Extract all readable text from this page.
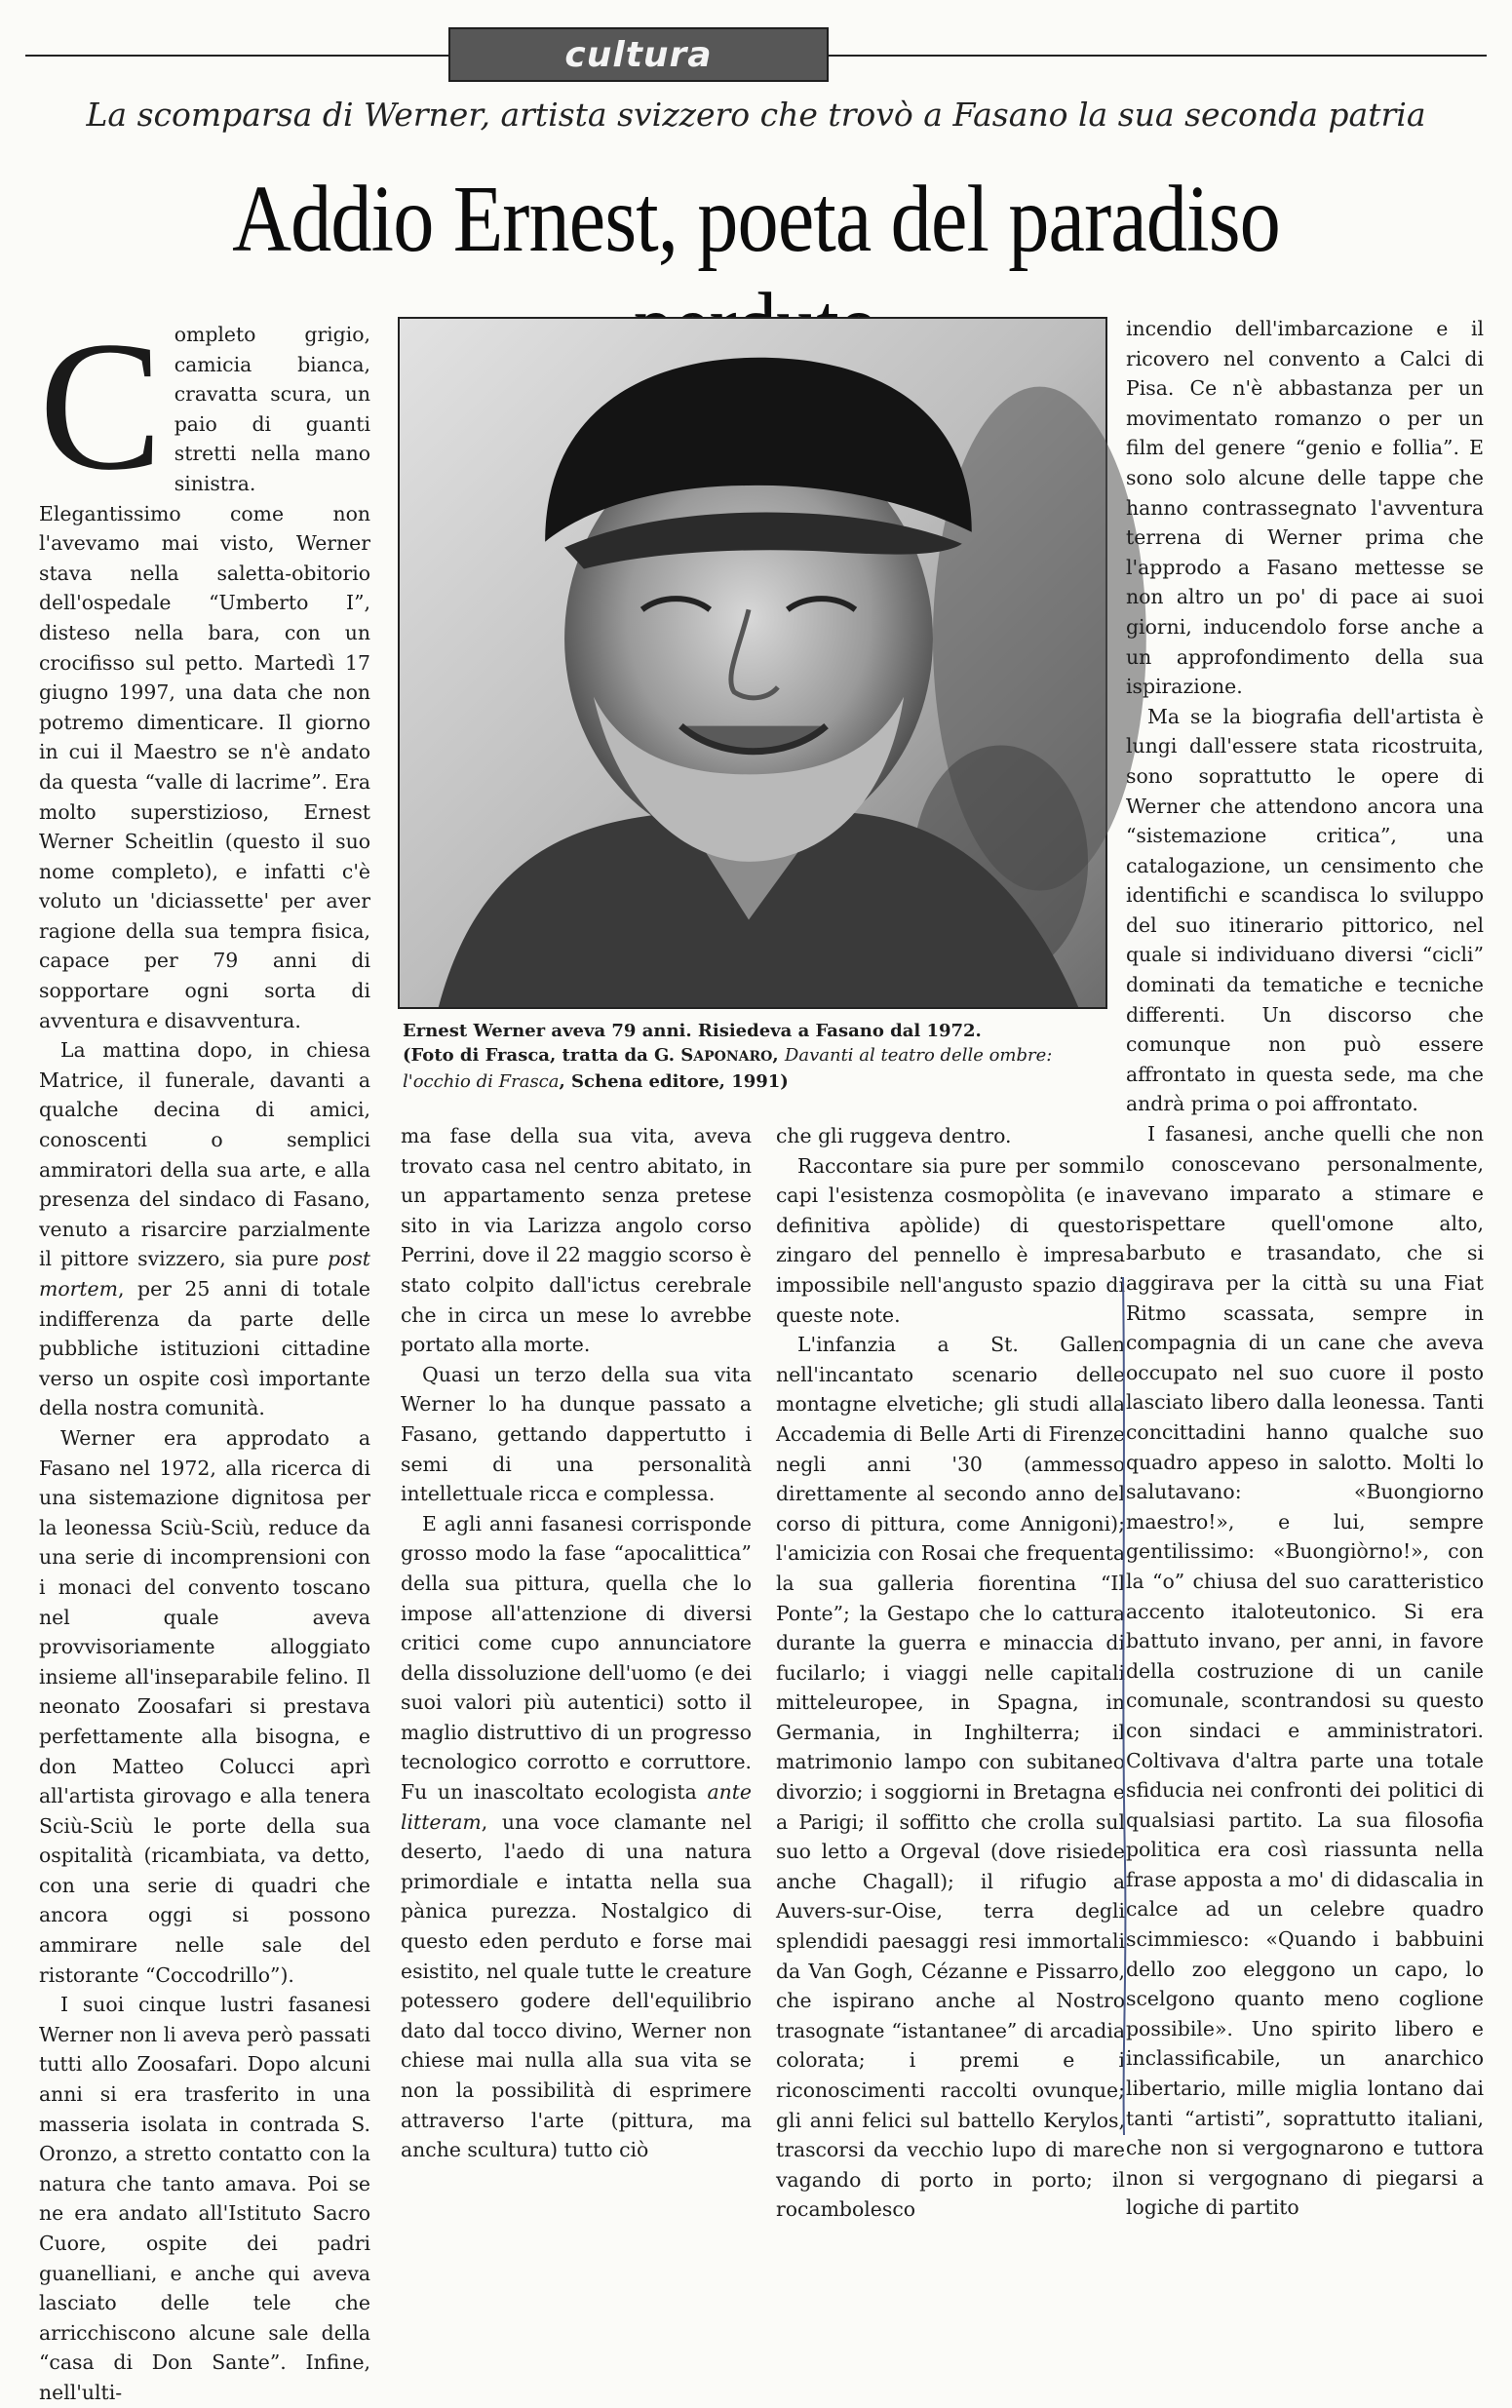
cultura
La scomparsa di Werner, artista svizzero che trovò a Fasano la sua seconda patria
Addio Ernest, poeta del paradiso

Completo grigio, camicia bianca, cravatta scura, un paio di guanti stretti nella mano sinistra. Elegantissimo come non l'avevamo mai visto, Werner stava nella saletta-obitorio dell'ospedale “Umberto I”, disteso nella bara, con un crocifisso sul petto. Martedì 17 giugno 1997, una data che non potremo dimenticare. Il giorno in cui il Maestro se n'è andato da questa “valle di lacrime”. Era molto superstizioso, Ernest Werner Scheitlin (questo il suo nome completo), e infatti c'è voluto un 'diciassette' per aver ragione della sua tempra fisica, capace per 79 anni di sopportare ogni sorta di avventura e disavventura.

La mattina dopo, in chiesa Matrice, il funerale, davanti a qualche decina di amici, conoscenti o semplici ammiratori della sua arte, e alla presenza del sindaco di Fasano, venuto a risarcire parzialmente il pittore svizzero, sia pure post mortem, per 25 anni di totale indifferenza da parte delle pubbliche istituzioni cittadine verso un ospite così importante della nostra comunità.

Werner era approdato a Fasano nel 1972, alla ricerca di una sistemazione dignitosa per la leonessa Sciù-Sciù, reduce da una serie di incomprensioni con i monaci del convento toscano nel quale aveva provvisoriamente alloggiato insieme all'inseparabile felino. Il neonato Zoosafari si prestava perfettamente alla bisogna, e don Matteo Colucci aprì all'artista girovago e alla tenera Sciù-Sciù le porte della sua ospitalità (ricambiata, va detto, con una serie di quadri che ancora oggi si possono ammirare nelle sale del ristorante “Coccodrillo”).

I suoi cinque lustri fasanesi Werner non li aveva però passati tutti allo Zoosafari. Dopo alcuni anni si era trasferito in una masseria isolata in contrada S. Oronzo, a stretto contatto con la natura che tanto amava. Poi se ne era andato all'Istituto Sacro Cuore, ospite dei padri guanelliani, e anche qui aveva lasciato delle tele che arricchiscono alcune sale della “casa di Don Sante”. Infine, nell'ulti-

Ernest Werner aveva 79 anni. Risiedeva a Fasano dal 1972.
(Foto di Frasca, tratta da G. SAPONARO, Davanti al teatro delle ombre: l'occhio di Frasca, Schena editore, 1991)

ma fase della sua vita, aveva trovato casa nel centro abitato, in un appartamento senza pretese sito in via Larizza angolo corso Perrini, dove il 22 maggio scorso è stato colpito dall'ictus cerebrale che in circa un mese lo avrebbe portato alla morte.

Quasi un terzo della sua vita Werner lo ha dunque passato a Fasano, gettando dappertutto i semi di una personalità intellettuale ricca e complessa.

E agli anni fasanesi corrisponde grosso modo la fase “apocalittica” della sua pittura, quella che lo impose all'attenzione di diversi critici come cupo annunciatore della dissoluzione dell'uomo (e dei suoi valori più autentici) sotto il maglio distruttivo di un progresso tecnologico corrotto e corruttore. Fu un inascoltato ecologista ante litteram, una voce clamante nel deserto, l'aedo di una natura primordiale e intatta nella sua pànica purezza. Nostalgico di questo eden perduto e forse mai esistito, nel quale tutte le creature potessero godere dell'equilibrio dato dal tocco divino, Werner non chiese mai nulla alla sua vita se non la possibilità di esprimere attraverso l'arte (pittura, ma anche scultura) tutto ciò

che gli ruggeva dentro.

Raccontare sia pure per sommi capi l'esistenza cosmopòlita (e in definitiva apòlide) di questo zingaro del pennello è impresa impossibile nell'angusto spazio di queste note.

L'infanzia a St. Gallen nell'incantato scenario delle montagne elvetiche; gli studi alla Accademia di Belle Arti di Firenze negli anni '30 (ammesso direttamente al secondo anno del corso di pittura, come Annigoni); l'amicizia con Rosai che frequenta la sua galleria fiorentina “Il Ponte”; la Gestapo che lo cattura durante la guerra e minaccia di fucilarlo; i viaggi nelle capitali mitteleuropee, in Spagna, in Germania, in Inghilterra; il matrimonio lampo con subitaneo divorzio; i soggiorni in Bretagna e a Parigi; il soffitto che crolla sul suo letto a Orgeval (dove risiede anche Chagall); il rifugio a Auvers-sur-Oise, terra degli splendidi paesaggi resi immortali da Van Gogh, Cézanne e Pissarro, che ispirano anche al Nostro trasognate “istantanee” di arcadia colorata; i premi e i riconoscimenti raccolti ovunque; gli anni felici sul battello Kerylos, trascorsi da vecchio lupo di mare vagando di porto in porto; il rocambolesco

incendio dell'imbarcazione e il ricovero nel convento a Calci di Pisa. Ce n'è abbastanza per un movimentato romanzo o per un film del genere “genio e follia”. E sono solo alcune delle tappe che hanno contrassegnato l'avventura terrena di Werner prima che l'approdo a Fasano mettesse se non altro un po' di pace ai suoi giorni, inducendolo forse anche a un approfondimento della sua ispirazione.

Ma se la biografia dell'artista è lungi dall'essere stata ricostruita, sono soprattutto le opere di Werner che attendono ancora una “sistemazione critica”, una catalogazione, un censimento che identifichi e scandisca lo sviluppo del suo itinerario pittorico, nel quale si individuano diversi “cicli” dominati da tematiche e tecniche differenti. Un discorso che comunque non può essere affrontato in questa sede, ma che andrà prima o poi affrontato.

I fasanesi, anche quelli che non lo conoscevano personalmente, avevano imparato a stimare e rispettare quell'omone alto, barbuto e trasandato, che si aggirava per la città su una Fiat Ritmo scassata, sempre in compagnia di un cane che aveva occupato nel suo cuore il posto lasciato libero dalla leonessa. Tanti concittadini hanno qualche suo quadro appeso in salotto. Molti lo salutavano: «Buongiorno maestro!», e lui, sempre gentilissimo: «Buongiòrno!», con la “o” chiusa del suo caratteristico accento italoteutonico. Si era battuto invano, per anni, in favore della costruzione di un canile comunale, scontrandosi su questo con sindaci e amministratori. Coltivava d'altra parte una totale sfiducia nei confronti dei politici di qualsiasi partito. La sua filosofia politica era così riassunta nella frase apposta a mo' di didascalia in calce ad un celebre quadro scimmiesco: «Quando i babbuini dello zoo eleggono un capo, lo scelgono quanto meno coglione possibile». Uno spirito libero e inclassificabile, un anarchico libertario, mille miglia lontano dai tanti “artisti”, soprattutto italiani, che non si vergognarono e tuttora non si vergognano di piegarsi a logiche di partito
